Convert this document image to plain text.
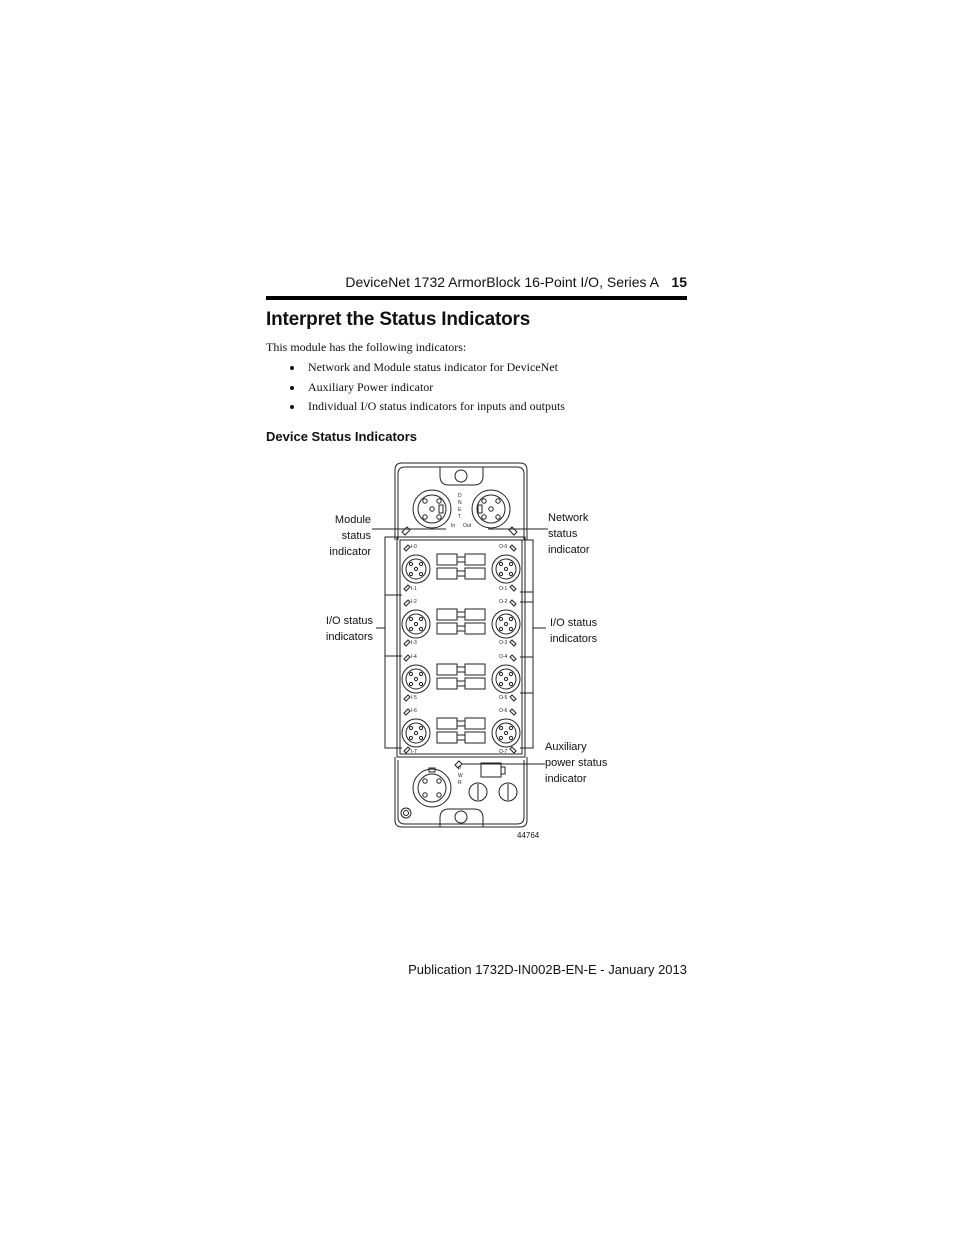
DeviceNet 1732 ArmorBlock 16-Point I/O, Series A 15
Interpret the Status Indicators
This module has the following indicators:
Network and Module status indicator for DeviceNet
Auxiliary Power indicator
Individual I/O status indicators for inputs and outputs
Device Status Indicators
D
N
E
T
In Out
I-0
I-1
I-2
I-3
I-4
I-5
I-6
I-7
O-0
O-1
O-2
O-3
O-4
O-5
O-6
O-7
P
W
R
Module
status
indicator
Network
status
indicator
I/O status
indicators
I/O status
indicators
Auxiliary
power status
indicator
44764
Publication 1732D-IN002B-EN-E - January 2013
